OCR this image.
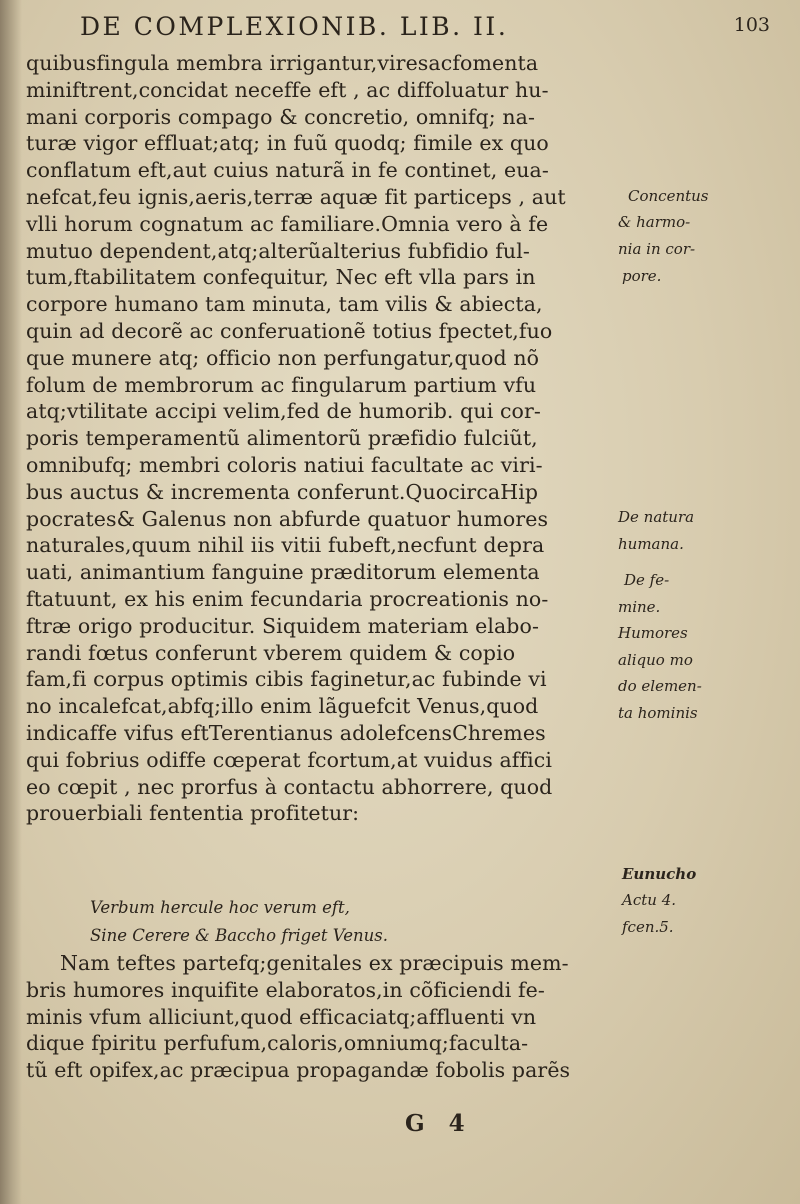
DE COMPLEXIONIB. LIB. II.	103
quibusfingula membra irrigantur,viresacfomenta
miniftrent,concidat neceffe eft , ac diffoluatur hu-
mani corporis compago & concretio, omnifq; na-
turæ vigor effluat;atq; in fuũ quodq; fimile ex quo
conflatum eft,aut cuius naturã in fe continet, eua-
nefcat,feu ignis,aeris,terræ aquæ fit particeps , aut
vlli horum cognatum ac familiare.Omnia vero à fe
mutuo dependent,atq;alterũalterius fubfidio ful-
tum,ftabilitatem confequitur, Nec eft vlla pars in
corpore humano tam minuta, tam vilis & abiecta,
quin ad decorẽ ac conferuationẽ totius fpectet,fuo
que munere atq; officio non perfungatur,quod nõ
folum de membrorum ac fingularum partium vfu
atq;vtilitate accipi velim,fed de humorib. qui cor-
poris temperamentũ alimentorũ præfidio fulciũt,
omnibufq; membri coloris natiui facultate ac viri-
bus auctus & incrementa conferunt.QuocircaHip
pocrates& Galenus non abfurde quatuor humores
naturales,quum nihil iis vitii fubeft,necfunt depra
uati, animantium fanguine præditorum elementa
ftatuunt, ex his enim fecundaria procreationis no-
ftræ origo producitur. Siquidem materiam elabo-
randi fœtus conferunt vberem quidem & copio
fam,fi corpus optimis cibis faginetur,ac fubinde vi
no incalefcat,abfq;illo enim lãguefcit Venus,quod
indicaffe vifus eftTerentianus adolefcensChremes
qui fobrius odiffe cœperat fcortum,at vuidus affici
eo cœpit , nec prorfus à contactu abhorrere, quod
prouerbiali fententia profitetur:
Verbum hercule hoc verum eft,
Sine Cerere & Baccho friget Venus.
Nam teftes partefq;genitales ex præcipuis mem-
bris humores inquifite elaboratos,in cõficiendi fe-
minis vfum alliciunt,quod efficaciatq;affluenti vn
dique fpiritu perfufum,caloris,omniumq;faculta-
tũ eft opifex,ac præcipua propagandæ fobolis parẽs
Concentus
& harmo-
nia in cor-
pore.
De natura
humana.
De fe-
mine.
Humores
aliquo mo
do elemen-
ta hominis
Eunucho
Actu 4.
fcen.5.
G 4
